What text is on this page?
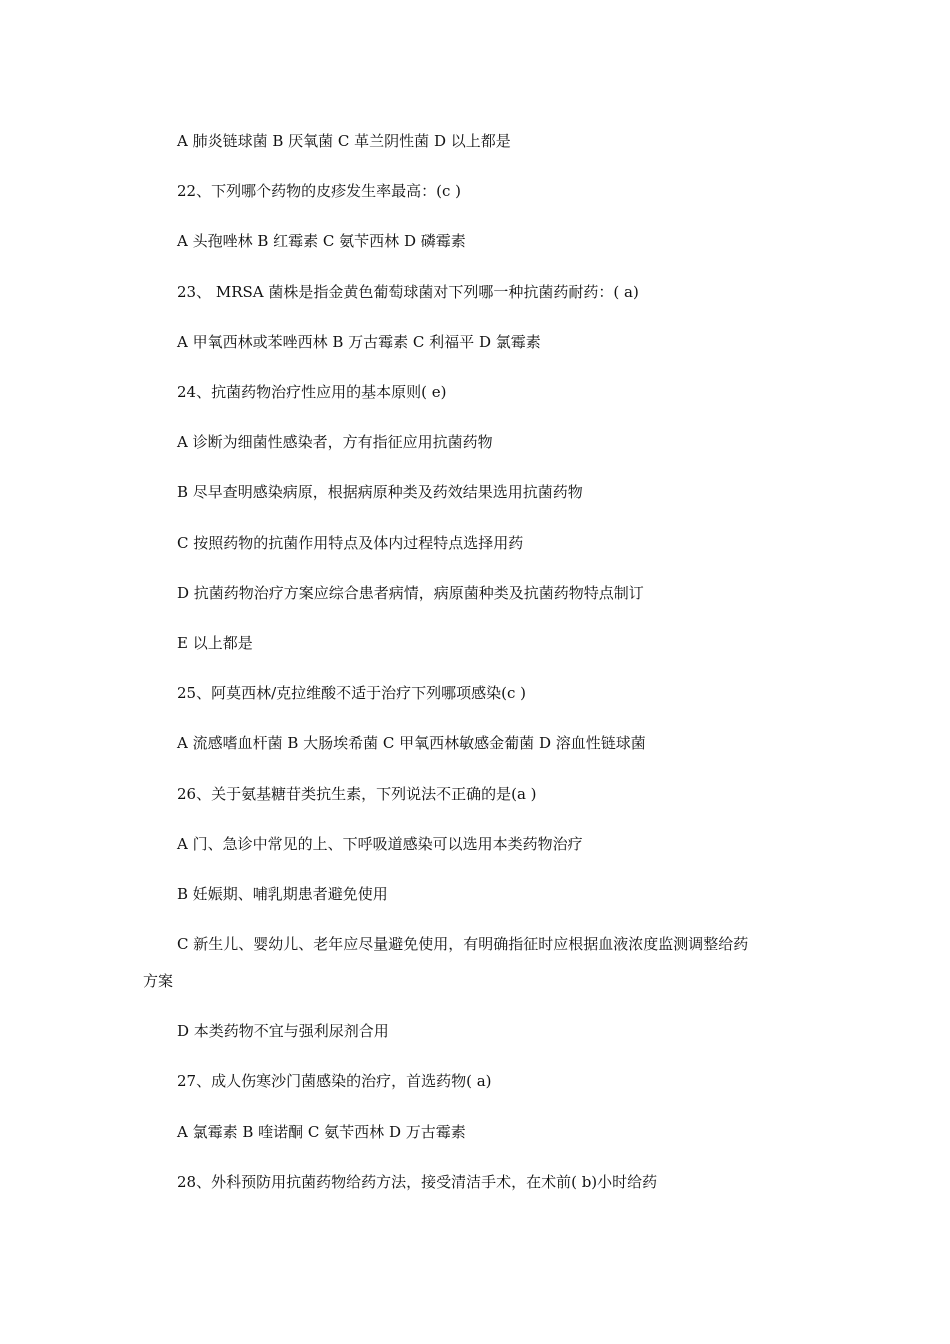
A 肺炎链球菌 B 厌氧菌 C 革兰阴性菌 D 以上都是
22、下列哪个药物的皮疹发生率最高：(c )
A 头孢唑林 B 红霉素 C 氨苄西林 D 磷霉素
23、 MRSA 菌株是指金黄色葡萄球菌对下列哪一种抗菌药耐药：( a)
A 甲氧西林或苯唑西林 B 万古霉素 C 利福平 D 氯霉素
24、抗菌药物治疗性应用的基本原则( e)
A 诊断为细菌性感染者，方有指征应用抗菌药物
B 尽早查明感染病原，根据病原种类及药效结果选用抗菌药物
C 按照药物的抗菌作用特点及体内过程特点选择用药
D 抗菌药物治疗方案应综合患者病情，病原菌种类及抗菌药物特点制订
E 以上都是
25、阿莫西林/克拉维酸不适于治疗下列哪项感染(c )
A 流感嗜血杆菌 B 大肠埃希菌 C 甲氧西林敏感金葡菌 D 溶血性链球菌
26、关于氨基糖苷类抗生素，下列说法不正确的是(a )
A 门、急诊中常见的上、下呼吸道感染可以选用本类药物治疗
B 妊娠期、哺乳期患者避免使用
C 新生儿、婴幼儿、老年应尽量避免使用，有明确指征时应根据血液浓度监测调整给药
方案
D 本类药物不宜与强利尿剂合用
27、成人伤寒沙门菌感染的治疗，首选药物( a)
A 氯霉素 B 喹诺酮 C 氨苄西林 D 万古霉素
28、外科预防用抗菌药物给药方法，接受清洁手术，在术前( b)小时给药
